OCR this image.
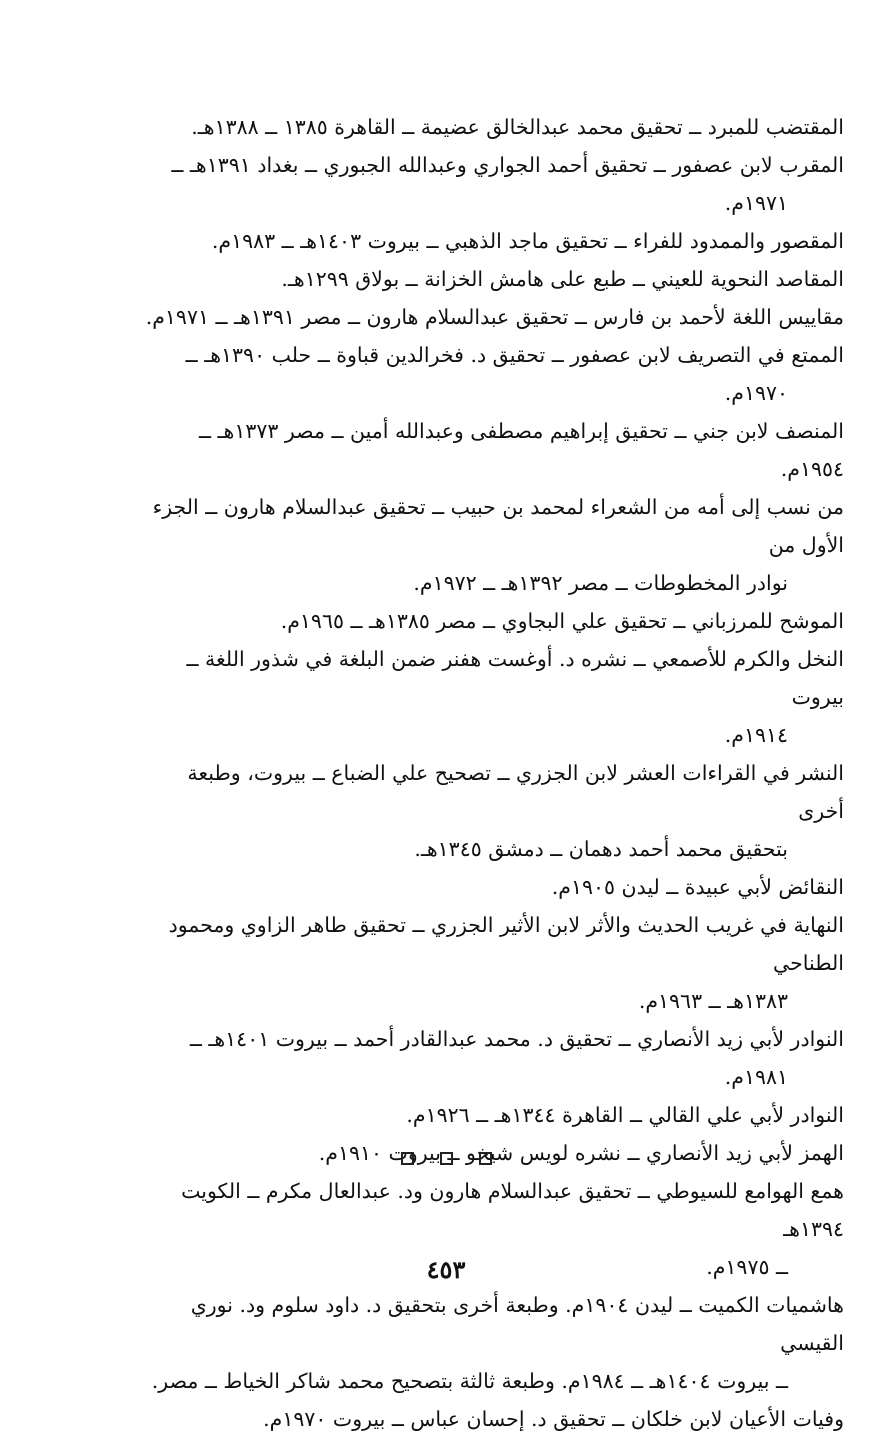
المقتضب للمبرد ــ تحقيق محمد عبدالخالق عضيمة ــ القاهرة ١٣٨٥ ــ ١٣٨٨هـ.
المقرب لابن عصفور ــ تحقيق أحمد الجواري وعبدالله الجبوري ــ بغداد ١٣٩١هـ ــ
١٩٧١م.
المقصور والممدود للفراء ــ تحقيق ماجد الذهبي ــ بيروت ١٤٠٣هـ ــ ١٩٨٣م.
المقاصد النحوية للعيني ــ طبع على هامش الخزانة ــ بولاق ١٢٩٩هـ.
مقاييس اللغة لأحمد بن فارس ــ تحقيق عبدالسلام هارون ــ مصر ١٣٩١هـ ــ ١٩٧١م.
الممتع في التصريف لابن عصفور ــ تحقيق د. فخرالدين قباوة ــ حلب ١٣٩٠هـ ــ
١٩٧٠م.
المنصف لابن جني ــ تحقيق إبراهيم مصطفى وعبدالله أمين ــ مصر ١٣٧٣هـ ــ ١٩٥٤م.
من نسب إلى أمه من الشعراء لمحمد بن حبيب ــ تحقيق عبدالسلام هارون ــ الجزء الأول من
نوادر المخطوطات ــ مصر ١٣٩٢هـ ــ ١٩٧٢م.
الموشح للمرزباني ــ تحقيق علي البجاوي ــ مصر ١٣٨٥هـ ــ ١٩٦٥م.
النخل والكرم للأصمعي ــ نشره د. أوغست هفنر ضمن البلغة في شذور اللغة ــ بيروت
١٩١٤م.
النشر في القراءات العشر لابن الجزري ــ تصحيح علي الضباع ــ بيروت، وطبعة أخرى
بتحقيق محمد أحمد دهمان ــ دمشق ١٣٤٥هـ.
النقائض لأبي عبيدة ــ ليدن ١٩٠٥م.
النهاية في غريب الحديث والأثر لابن الأثير الجزري ــ تحقيق طاهر الزاوي ومحمود الطناحي
١٣٨٣هـ ــ ١٩٦٣م.
النوادر لأبي زيد الأنصاري ــ تحقيق د. محمد عبدالقادر أحمد ــ بيروت ١٤٠١هـ ــ
١٩٨١م.
النوادر لأبي علي القالي ــ القاهرة ١٣٤٤هـ ــ ١٩٢٦م.
الهمز لأبي زيد الأنصاري ــ نشره لويس شيخو ــ بيروت ١٩١٠م.
همع الهوامع للسيوطي ــ تحقيق عبدالسلام هارون ود. عبدالعال مكرم ــ الكويت ١٣٩٤هـ
ــ ١٩٧٥م.
هاشميات الكميت ــ ليدن ١٩٠٤م. وطبعة أخرى بتحقيق د. داود سلوم ود. نوري القيسي
ــ بيروت ١٤٠٤هـ ــ ١٩٨٤م. وطبعة ثالثة بتصحيح محمد شاكر الخياط ــ مصر.
وفيات الأعيان لابن خلكان ــ تحقيق د. إحسان عباس ــ بيروت ١٩٧٠م.
٤٥٣
